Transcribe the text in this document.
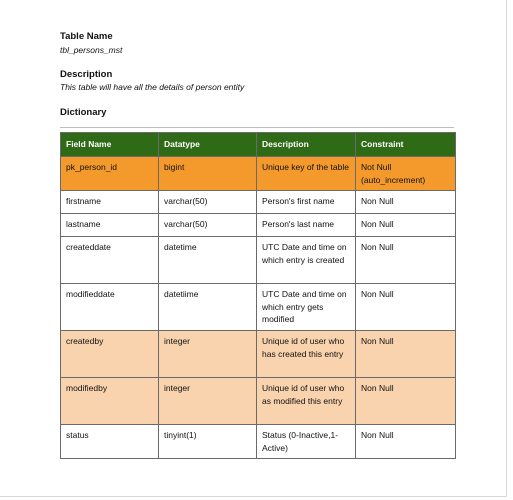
Table Name
tbl_persons_mst
Description
This table will have all the details of person entity
Dictionary
Field Name	Datatype	Description	Constraint
pk_person_id	bigint	Unique key of the table	Not Null (auto_increment)
firstname	varchar(50)	Person's first name	Non Null
lastname	varchar(50)	Person's last name	Non Null
createddate	datetime	UTC Date and time on which entry is created	Non Null
modifieddate	datetiime	UTC Date and time on which entry gets modified	Non Null
createdby	integer	Unique id of user who has created this entry	Non Null
modifiedby	integer	Unique id of user who as modified this entry	Non Null
status	tinyint(1)	Status (0-Inactive,1-Active)	Non Null
